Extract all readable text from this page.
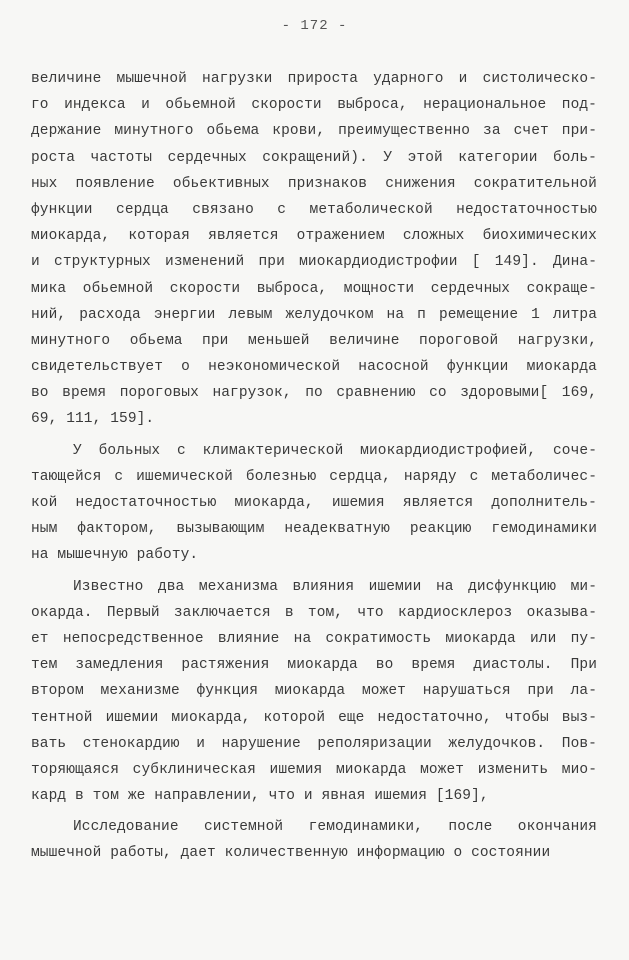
- 172 -
величине мышечной нагрузки прироста ударного и систолическо-
го индекса и обьемной скорости выброса, нерациональное под-
держание минутного обьема крови, преимущественно за счет при-
роста частоты сердечных сокращений). У этой категории боль-
ных появление обьективных признаков снижения сократительной
функции сердца связано с метаболической недостаточностью
миокарда, которая является отражением сложных биохимических
и структурных изменений при миокардиодистрофии [ 149]. Дина-
мика обьемной скорости выброса, мощности сердечных сокраще-
ний, расхода энергии левым желудочком на п ремещение 1 литра
минутного обьема при меньшей величине пороговой нагрузки,
свидетельствует о неэкономической насосной функции миокарда
во время пороговых нагрузок, по сравнению со здоровыми[ 169,
69, 111, 159].
У больных с климактерической миокардиодистрофией, соче-
тающейся с ишемической болезнью сердца, наряду с метаболичес-
кой недостаточностью миокарда, ишемия является дополнитель-
ным фактором, вызывающим неадекватную реакцию гемодинамики
на мышечную работу.
Известно два механизма влияния ишемии на дисфункцию ми-
окарда. Первый заключается в том, что кардиосклероз оказыва-
ет непосредственное влияние на сократимость миокарда или пу-
тем замедления растяжения миокарда во время диастолы. При
втором механизме функция миокарда может нарушаться при ла-
тентной ишемии миокарда, которой еще недостаточно, чтобы выз-
вать стенокардию и нарушение реполяризации желудочков. Пов-
торяющаяся субклиническая ишемия миокарда может изменить мио-
кард в том же направлении, что и явная ишемия [169],
Исследование системной гемодинамики, после окончания
мышечной работы, дает количественную информацию о состоянии
